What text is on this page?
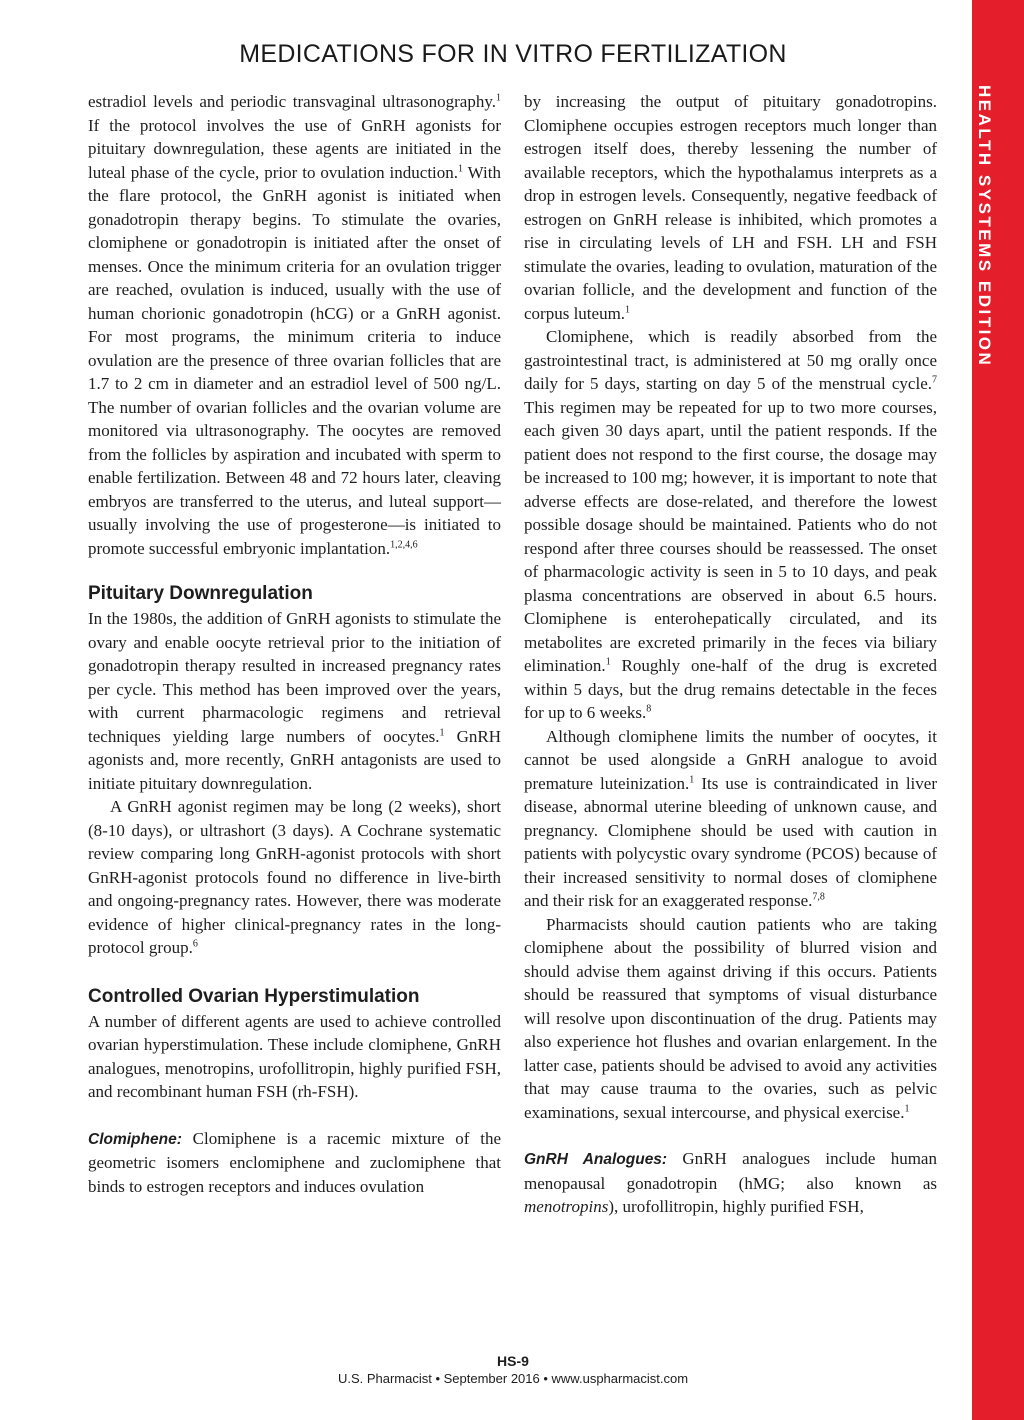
HEALTH SYSTEMS EDITION
MEDICATIONS FOR IN VITRO FERTILIZATION

estradiol levels and periodic transvaginal ultrasonography.$^1$ If the protocol involves the use of GnRH agonists for pituitary downregulation, these agents are initiated in the luteal phase of the cycle, prior to ovulation induction.$^1$ With the flare protocol, the GnRH agonist is initiated when gonadotropin therapy begins. To stimulate the ovaries, clomiphene or gonadotropin is initiated after the onset of menses. Once the minimum criteria for an ovulation trigger are reached, ovulation is induced, usually with the use of human chorionic gonadotropin (hCG) or a GnRH agonist. For most programs, the minimum criteria to induce ovulation are the presence of three ovarian follicles that are 1.7 to 2 cm in diameter and an estradiol level of 500 ng/L. The number of ovarian follicles and the ovarian volume are monitored via ultrasonography. The oocytes are removed from the follicles by aspiration and incubated with sperm to enable fertilization. Between 48 and 72 hours later, cleaving embryos are transferred to the uterus, and luteal support—usually involving the use of progesterone—is initiated to promote successful embryonic implantation.$^{1,2,4,6}$

Pituitary Downregulation

In the 1980s, the addition of GnRH agonists to stimulate the ovary and enable oocyte retrieval prior to the initiation of gonadotropin therapy resulted in increased pregnancy rates per cycle. This method has been improved over the years, with current pharmacologic regimens and retrieval techniques yielding large numbers of oocytes.$^1$ GnRH agonists and, more recently, GnRH antagonists are used to initiate pituitary downregulation.

A GnRH agonist regimen may be long (2 weeks), short (8-10 days), or ultrashort (3 days). A Cochrane systematic review comparing long GnRH-agonist protocols with short GnRH-agonist protocols found no difference in live-birth and ongoing-pregnancy rates. However, there was moderate evidence of higher clinical-pregnancy rates in the long-protocol group.$^6$

Controlled Ovarian Hyperstimulation

A number of different agents are used to achieve controlled ovarian hyperstimulation. These include clomiphene, GnRH analogues, menotropins, urofollitropin, highly purified FSH, and recombinant human FSH (rh-FSH).

Clomiphene: Clomiphene is a racemic mixture of the geometric isomers enclomiphene and zuclomiphene that binds to estrogen receptors and induces ovulation

by increasing the output of pituitary gonadotropins. Clomiphene occupies estrogen receptors much longer than estrogen itself does, thereby lessening the number of available receptors, which the hypothalamus interprets as a drop in estrogen levels. Consequently, negative feedback of estrogen on GnRH release is inhibited, which promotes a rise in circulating levels of LH and FSH. LH and FSH stimulate the ovaries, leading to ovulation, maturation of the ovarian follicle, and the development and function of the corpus luteum.$^1$

Clomiphene, which is readily absorbed from the gastrointestinal tract, is administered at 50 mg orally once daily for 5 days, starting on day 5 of the menstrual cycle.$^7$ This regimen may be repeated for up to two more courses, each given 30 days apart, until the patient responds. If the patient does not respond to the first course, the dosage may be increased to 100 mg; however, it is important to note that adverse effects are dose-related, and therefore the lowest possible dosage should be maintained. Patients who do not respond after three courses should be reassessed. The onset of pharmacologic activity is seen in 5 to 10 days, and peak plasma concentrations are observed in about 6.5 hours. Clomiphene is enterohepatically circulated, and its metabolites are excreted primarily in the feces via biliary elimination.$^1$ Roughly one-half of the drug is excreted within 5 days, but the drug remains detectable in the feces for up to 6 weeks.$^8$

Although clomiphene limits the number of oocytes, it cannot be used alongside a GnRH analogue to avoid premature luteinization.$^1$ Its use is contraindicated in liver disease, abnormal uterine bleeding of unknown cause, and pregnancy. Clomiphene should be used with caution in patients with polycystic ovary syndrome (PCOS) because of their increased sensitivity to normal doses of clomiphene and their risk for an exaggerated response.$^{7,8}$

Pharmacists should caution patients who are taking clomiphene about the possibility of blurred vision and should advise them against driving if this occurs. Patients should be reassured that symptoms of visual disturbance will resolve upon discontinuation of the drug. Patients may also experience hot flushes and ovarian enlargement. In the latter case, patients should be advised to avoid any activities that may cause trauma to the ovaries, such as pelvic examinations, sexual intercourse, and physical exercise.$^1$

GnRH Analogues: GnRH analogues include human menopausal gonadotropin (hMG; also known as menotropins), urofollitropin, highly purified FSH,

HS-9
U.S. Pharmacist • September 2016 • www.uspharmacist.com
